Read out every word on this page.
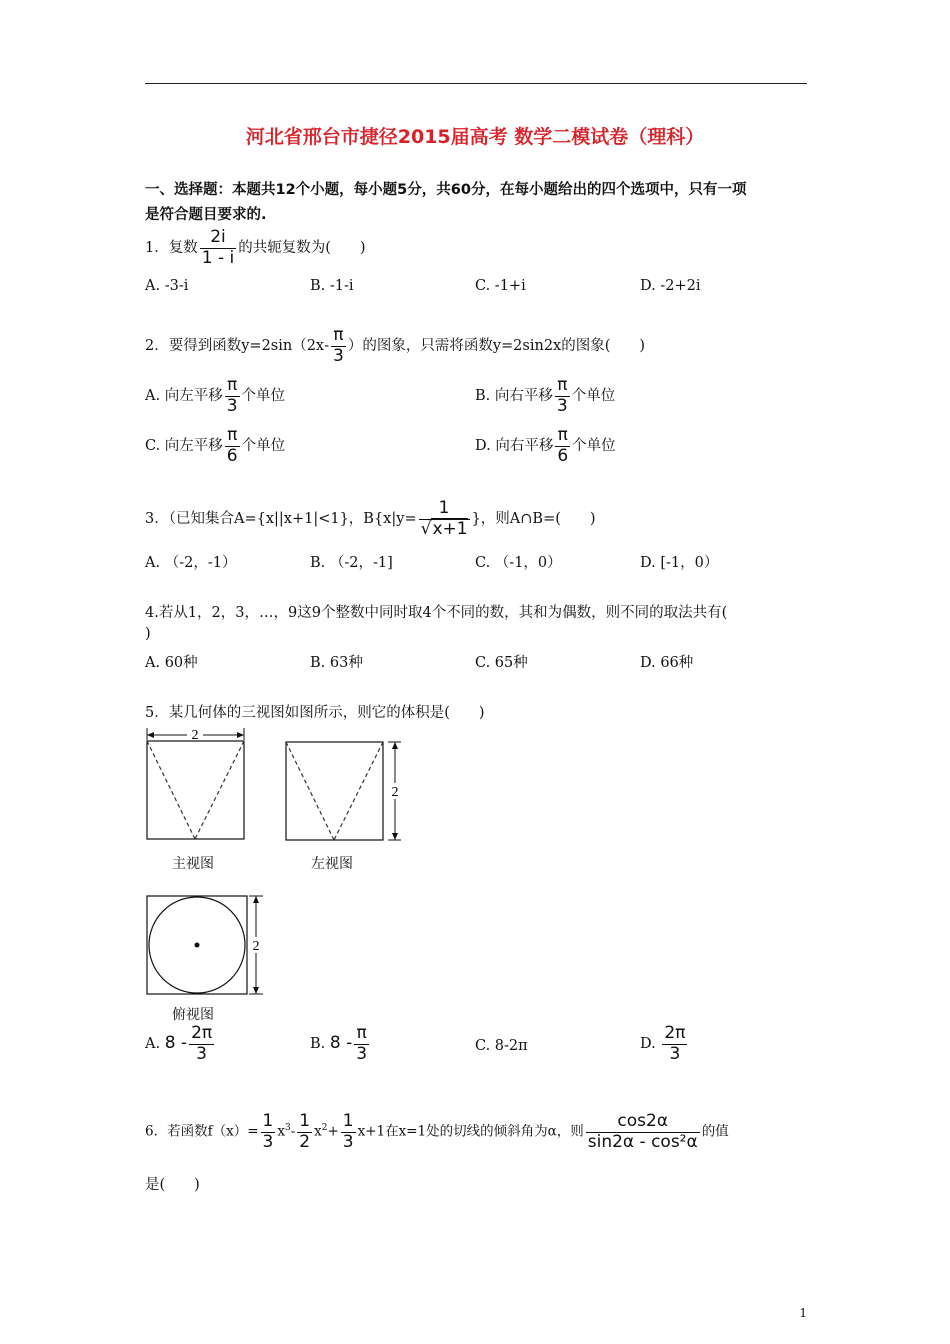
河北省邢台市捷径2015届高考 数学二模试卷（理科）
一、选择题：本题共12个小题，每小题5分，共60分，在每小题给出的四个选项中，只有一项
是符合题目要求的.
1．复数 $\frac{2i}{1 - i}$ 的共轭复数为(　　)
A. ‐3‐i	B. ‐1‐i	C. ‐1+i	D. ‐2+2i
2．要得到函数y=2sin（2x‐ $\frac{\pi}{3}$ ）的图象，只需将函数y=2sin2x的图象(　　)
A. 向左平移 $\frac{\pi}{3}$ 个单位	B. 向右平移 $\frac{\pi}{3}$ 个单位
C. 向左平移 $\frac{\pi}{6}$ 个单位	D. 向右平移 $\frac{\pi}{6}$ 个单位
3．（已知集合A={x||x+1|<1}，$B\{x|y= \frac{1}{√x+1}$ }，则A∩B=(　　)
A. （‐2，‐1）	B. （‐2，‐1]	C. （‐1，0）	D. [‐1，0）
4.若从1，2，3，…，9这9个整数中同时取4个不同的数，其和为偶数，则不同的取法共有(
)
A. 60种	B. 63种	C. 65种	D. 66种
5．某几何体的三视图如图所示，则它的体积是(　　)
2
主视图
2
左视图
2
俯视图
A. 8 ‐ $\frac{2\pi}{3}$	B. 8 ‐ $\frac{\pi}{3}$	C. 8‐2π	D. $\frac{2\pi}{3}$
6．若函数$f(x)= \frac{1}{3}$ $x^3‐ \frac{1}{2} x^2+ \frac{1}{3} x+1$在x=1处的切线的倾斜角为α，则 $\frac{\cos 2\alpha}{\text{sin2α ‐ cos²α}}$ 的值
是(　　)
1
